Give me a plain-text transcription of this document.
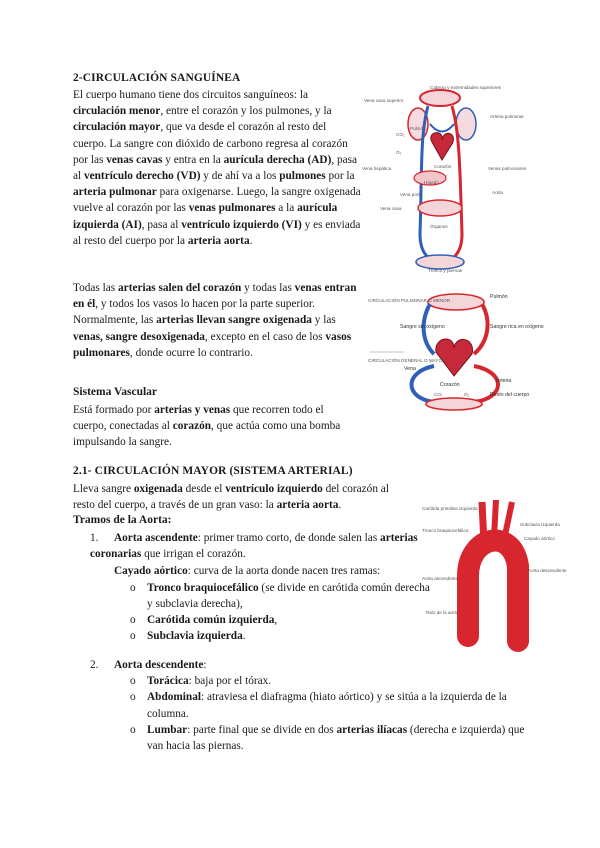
2-CIRCULACIÓN SANGUÍNEA
El cuerpo humano tiene dos circuitos sanguíneos: la circulación menor, entre el corazón y los pulmones, y la circulación mayor, que va desde el corazón al resto del cuerpo. La sangre con dióxido de carbono regresa al corazón por las venas cavas y entra en la aurícula derecha (AD), pasa al ventrículo derecho (VD) y de ahí va a los pulmones por la arteria pulmonar para oxigenarse. Luego, la sangre oxigenada vuelve al corazón por las venas pulmonares a la aurícula izquierda (AI), pasa al ventrículo izquierdo (VI) y es enviada al resto del cuerpo por la arteria aorta.
Todas las arterias salen del corazón y todas las venas entran en él, y todos los vasos lo hacen por la parte superior. Normalmente, las arterias llevan sangre oxigenada y las venas, sangre desoxigenada, excepto en el caso de los vasos pulmonares, donde ocurre lo contrario.
Sistema Vascular
Está formado por arterias y venas que recorren todo el cuerpo, conectadas al corazón, que actúa como una bomba impulsando la sangre.
2.1- CIRCULACIÓN MAYOR (SISTEMA ARTERIAL)
Lleva sangre oxigenada desde el ventrículo izquierdo del corazón al resto del cuerpo, a través de un gran vaso: la arteria aorta.
Tramos de la Aorta:
1. Aorta ascendente: primer tramo corto, de donde salen las arterias coronarias que irrigan el corazón.
Cayado aórtico: curva de la aorta donde nacen tres ramas:
o Tronco braquiocefálico (se divide en carótida común derecha y subclavia derecha),
o Carótida común izquierda,
o Subclavia izquierda.
2. Aorta descendente:
o Torácica: baja por el tórax.
o Abdominal: atraviesa el diafragma (hiato aórtico) y se sitúa a la izquierda de la columna.
o Lumbar: parte final que se divide en dos arterias ilíacas (derecha e izquierda) que van hacia las piernas.
Cabeza y extremidades superiores
Vena cava superior
Pulmón
Arteria pulmonar
CO₂
O₂
Vena hepática	Corazón
Hígado
Vena porta	Aorta
Vena cava
Órganos
Venas pulmonares
Tronco y piernas
CIRCULACIÓN PULMONAR O MENOR
CIRCULACIÓN GENERAL O MAYOR
Pulmón
Sangre sin oxígeno	Sangre rica en oxígeno
Vena
Corazón
Arteria
Resto del cuerpo
CO₂	O₂
Carótida primitiva izquierda
Tronco braquiocefálico
Subclavia izquierda
Cayado aórtico
Aorta ascendente
Aorta descendente
Raíz de la aorta
